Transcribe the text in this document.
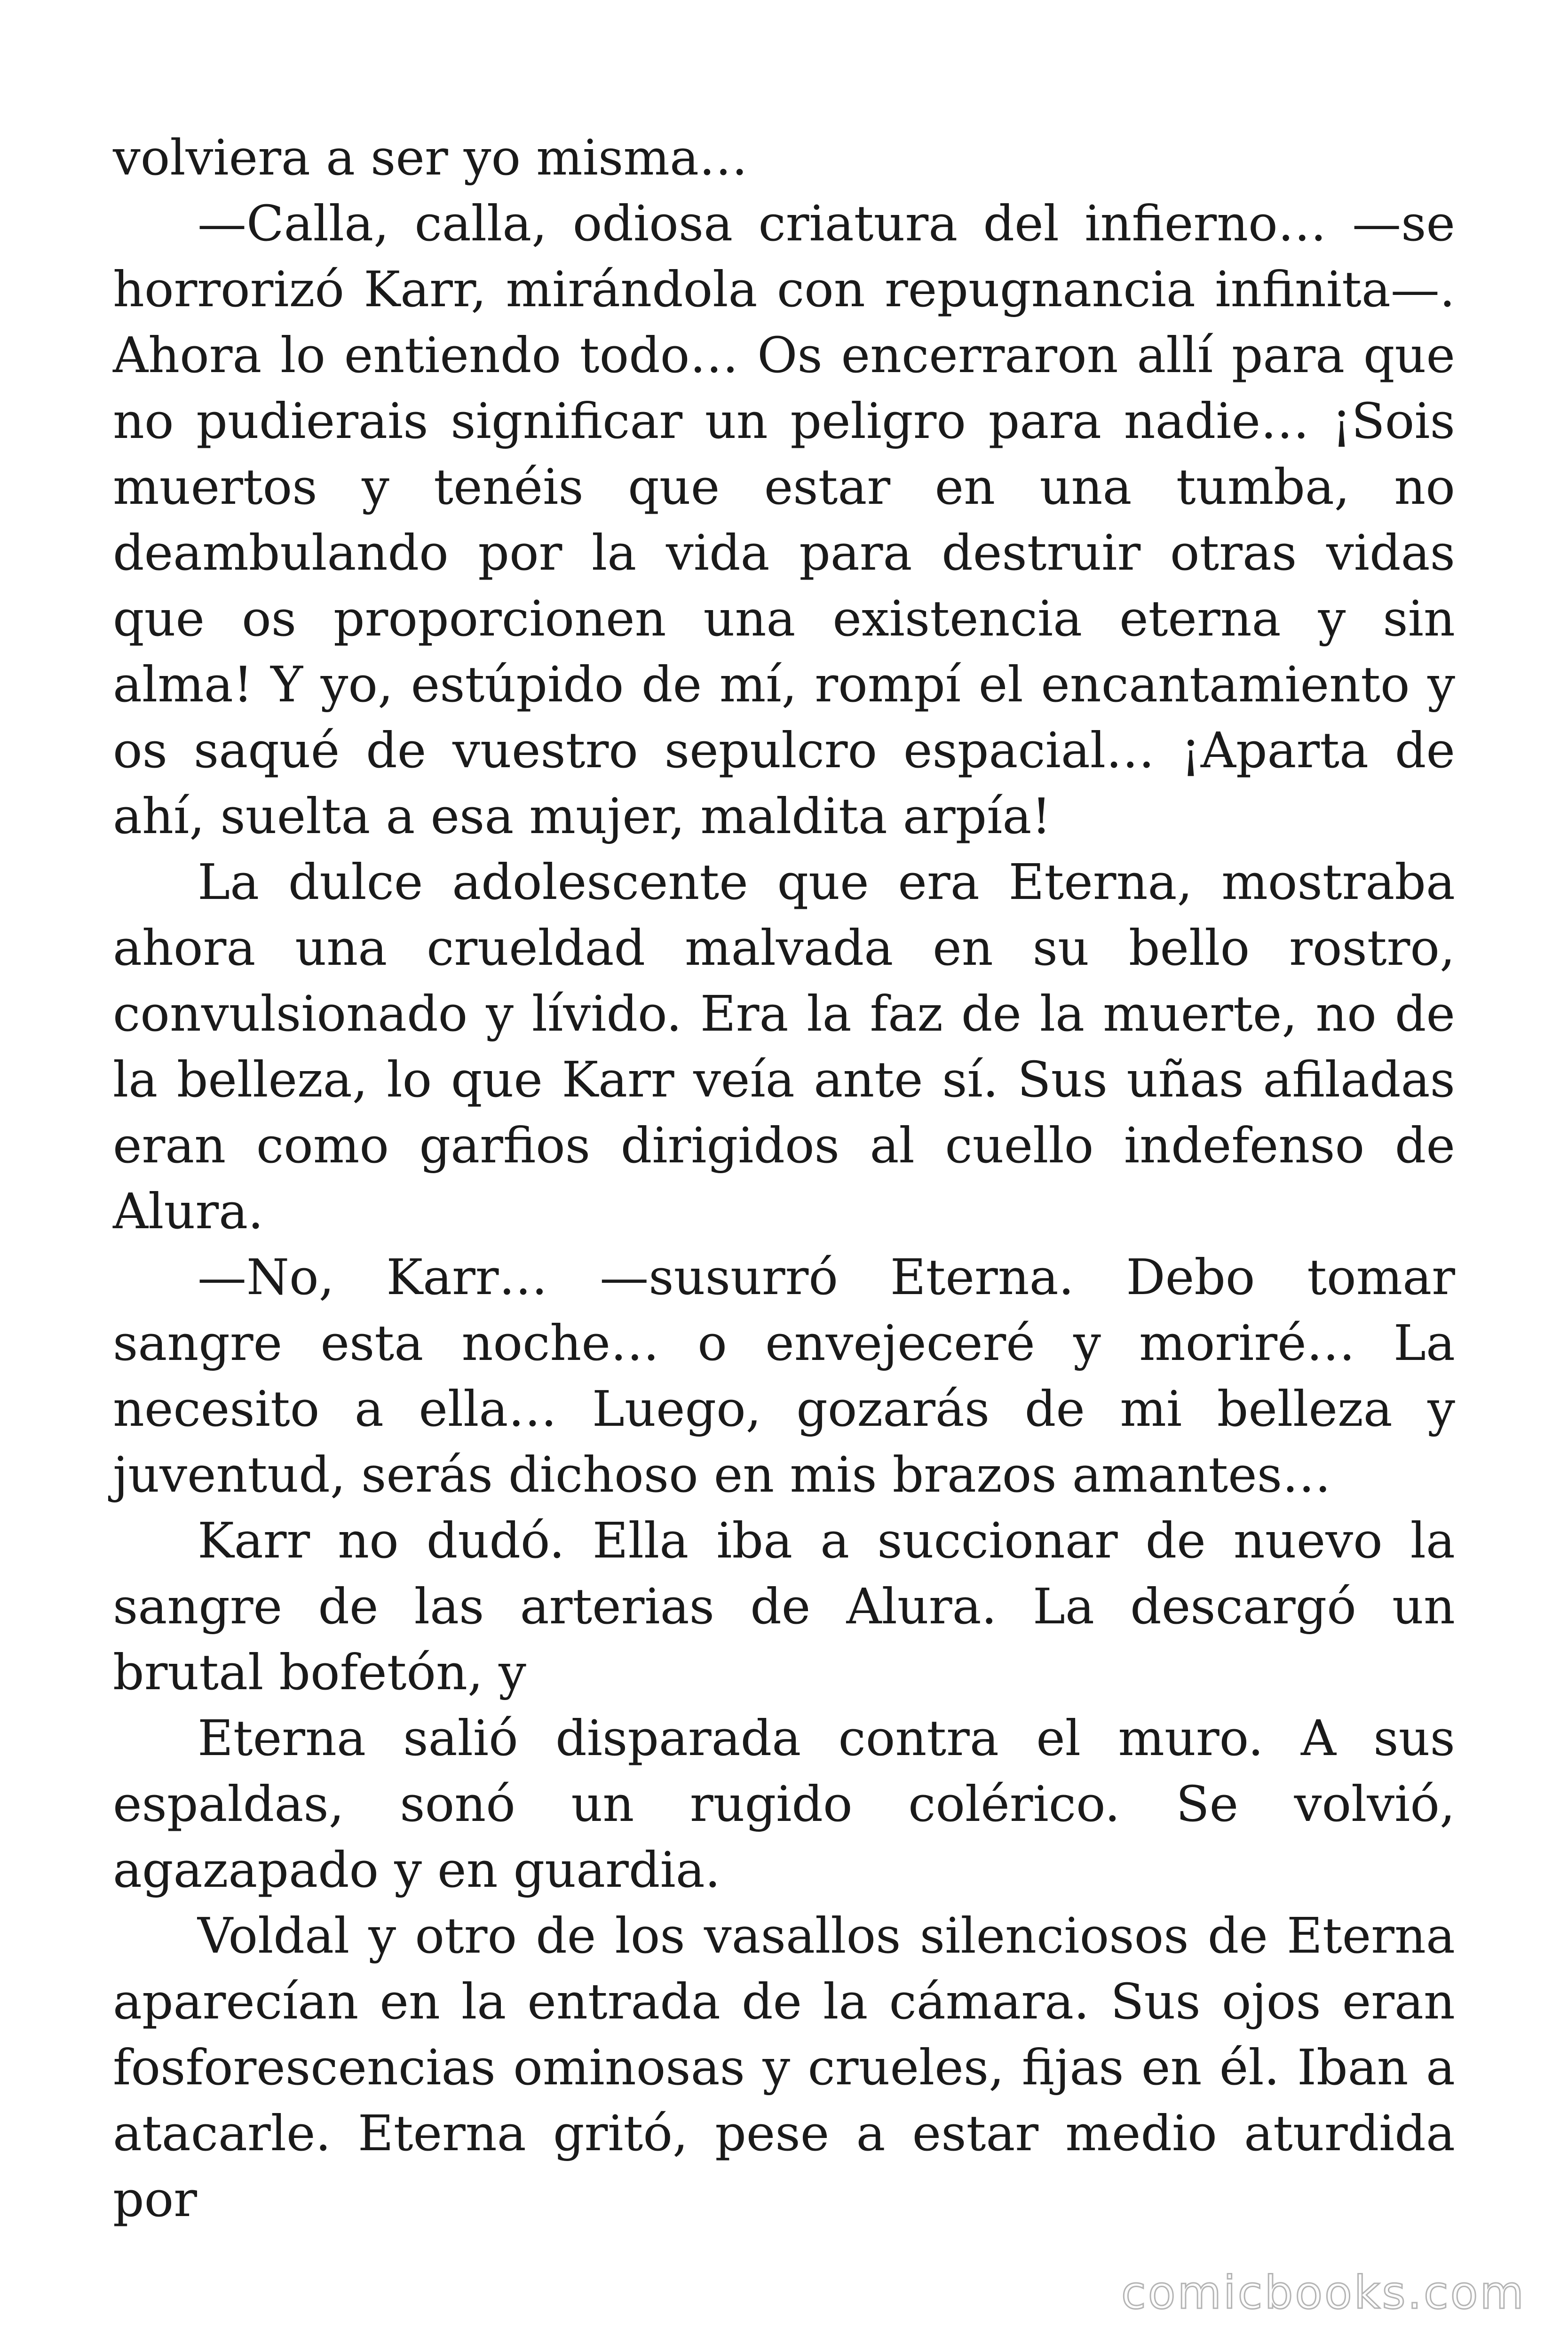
volviera a ser yo misma…

—Calla, calla, odiosa criatura del infierno… —se horrorizó Karr, mirándola con repugnancia infinita—. Ahora lo entiendo todo… Os encerraron allí para que no pudierais significar un peligro para nadie… ¡Sois muertos y tenéis que estar en una tumba, no deambulando por la vida para destruir otras vidas que os proporcionen una existencia eterna y sin alma! Y yo, estúpido de mí, rompí el encantamiento y os saqué de vuestro sepulcro espacial… ¡Aparta de ahí, suelta a esa mujer, maldita arpía!

La dulce adolescente que era Eterna, mostraba ahora una crueldad malvada en su bello rostro, convulsionado y lívido. Era la faz de la muerte, no de la belleza, lo que Karr veía ante sí. Sus uñas afiladas eran como garfios dirigidos al cuello indefenso de Alura.

—No, Karr… —susurró Eterna. Debo tomar sangre esta noche… o envejeceré y moriré… La necesito a ella… Luego, gozarás de mi belleza y juventud, serás dichoso en mis brazos amantes…

Karr no dudó. Ella iba a succionar de nuevo la sangre de las arterias de Alura. La descargó un brutal bofetón, y

Eterna salió disparada contra el muro. A sus espaldas, sonó un rugido colérico. Se volvió, agazapado y en guardia.

Voldal y otro de los vasallos silenciosos de Eterna aparecían en la entrada de la cámara. Sus ojos eran fosforescencias ominosas y crueles, fijas en él. Iban a atacarle. Eterna gritó, pese a estar medio aturdida por

comicbooks.com
